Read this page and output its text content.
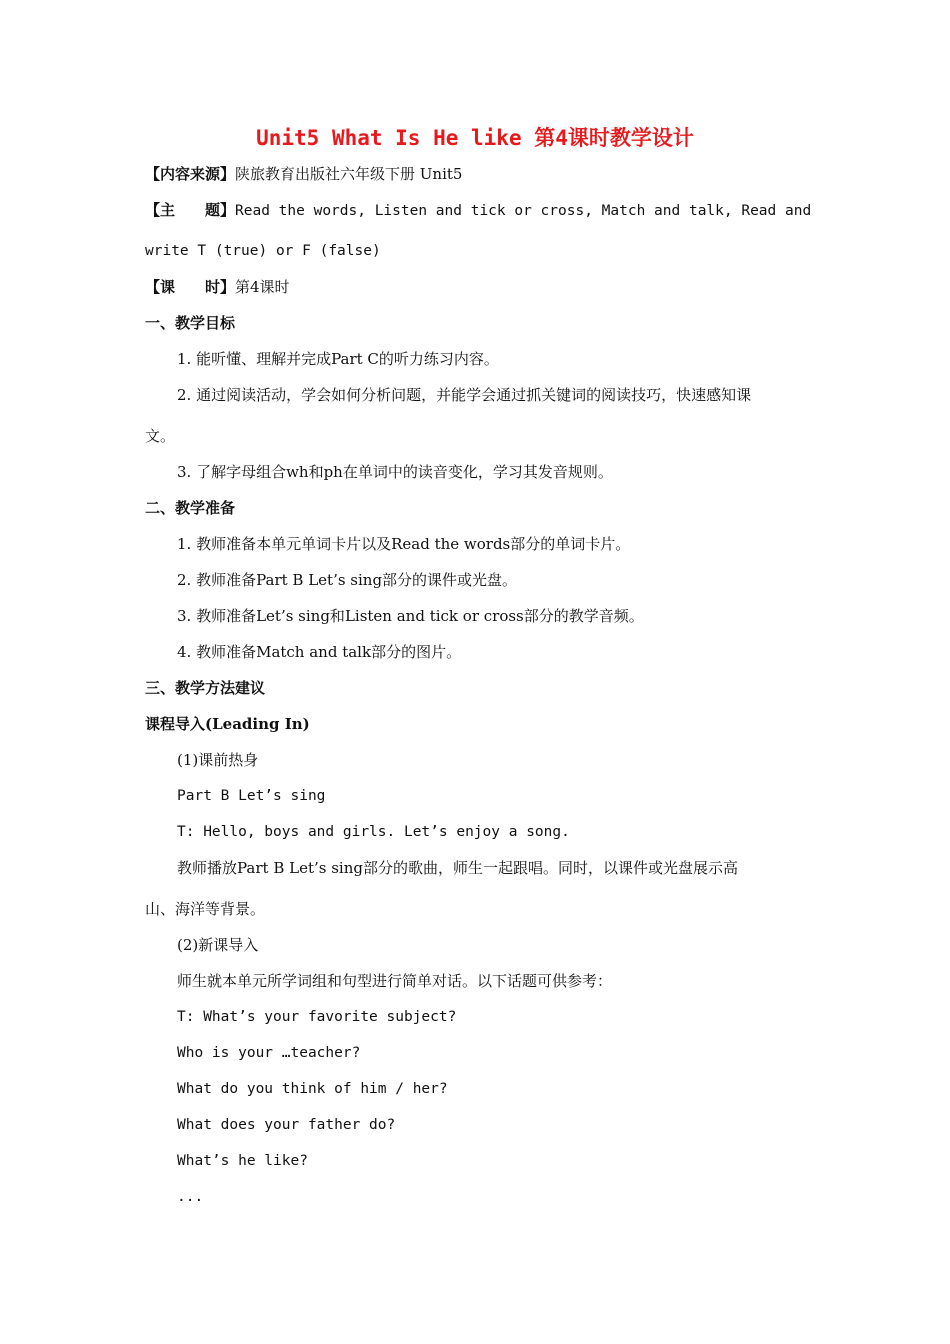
Unit5 What Is He like 第4课时教学设计
【内容来源】陕旅教育出版社六年级下册 Unit5
【主　　题】Read the words, Listen and tick or cross, Match and talk, Read and
write T (true) or F (false)
【课　　时】第4课时
一、教学目标
1. 能听懂、理解并完成Part C的听力练习内容。
2. 通过阅读活动，学会如何分析问题，并能学会通过抓关键词的阅读技巧，快速感知课
文。
3. 了解字母组合wh和ph在单词中的读音变化，学习其发音规则。
二、教学准备
1. 教师准备本单元单词卡片以及Read the words部分的单词卡片。
2. 教师准备Part B Let’s sing部分的课件或光盘。
3. 教师准备Let’s sing和Listen and tick or cross部分的教学音频。
4. 教师准备Match and talk部分的图片。
三、教学方法建议
课程导入(Leading In)
(1)课前热身
Part B Let’s sing
T: Hello, boys and girls. Let’s enjoy a song.
教师播放Part B Let’s sing部分的歌曲，师生一起跟唱。同时，以课件或光盘展示高
山、海洋等背景。
(2)新课导入
师生就本单元所学词组和句型进行简单对话。以下话题可供参考：
T: What’s your favorite subject?
Who is your …teacher?
What do you think of him / her?
What does your father do?
What’s he like?
...
